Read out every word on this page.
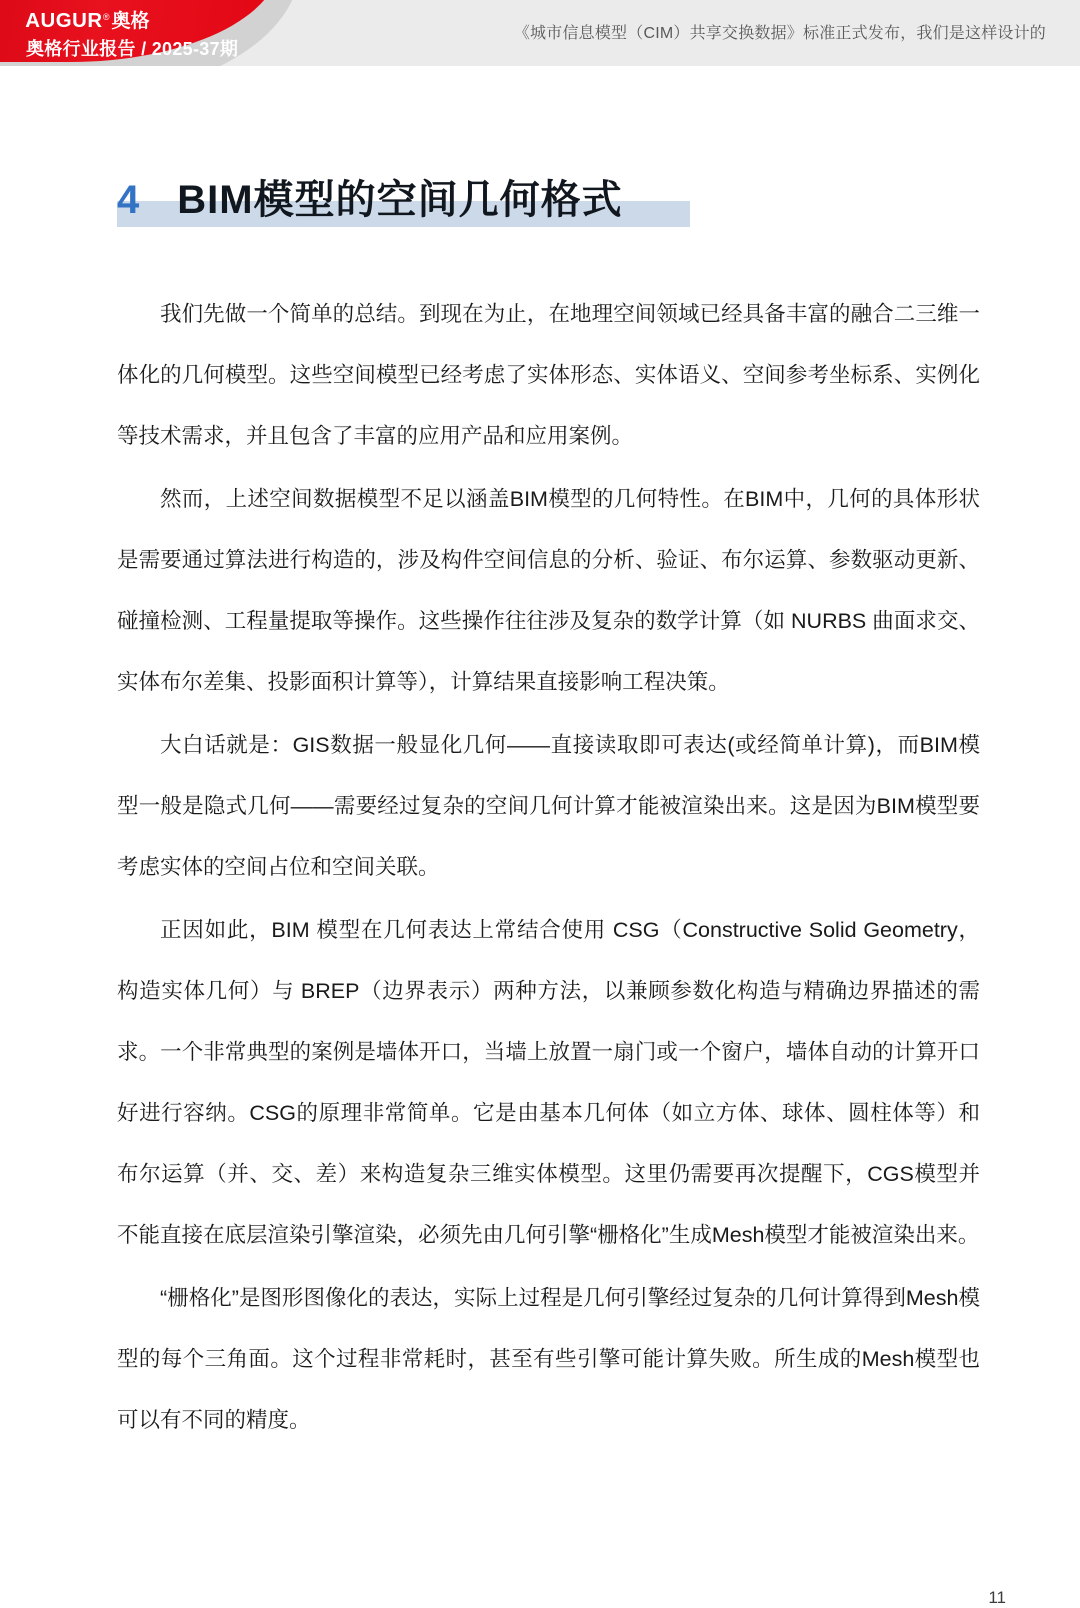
AUGUR ® 奥格
奥格行业报告 / 2025-37期
《城市信息模型（CIM）共享交换数据》标准正式发布，我们是这样设计的
4 BIM模型的空间几何格式

我们先做一个简单的总结。到现在为止，在地理空间领域已经具备丰富的融合二三维一体化的几何模型。这些空间模型已经考虑了实体形态、实体语义、空间参考坐标系、实例化等技术需求，并且包含了丰富的应用产品和应用案例。

然而，上述空间数据模型不足以涵盖BIM模型的几何特性。在BIM中，几何的具体形状是需要通过算法进行构造的，涉及构件空间信息的分析、验证、布尔运算、参数驱动更新、碰撞检测、工程量提取等操作。这些操作往往涉及复杂的数学计算（如 NURBS 曲面求交、实体布尔差集、投影面积计算等），计算结果直接影响工程决策。

大白话就是：GIS数据一般显化几何——直接读取即可表达(或经简单计算)，而BIM模型一般是隐式几何——需要经过复杂的空间几何计算才能被渲染出来。这是因为BIM模型要考虑实体的空间占位和空间关联。

正因如此，BIM 模型在几何表达上常结合使用 CSG（Constructive Solid Geometry，构造实体几何）与 BREP（边界表示）两种方法，以兼顾参数化构造与精确边界描述的需求。一个非常典型的案例是墙体开口，当墙上放置一扇门或一个窗户，墙体自动的计算开口好进行容纳。CSG的原理非常简单。它是由基本几何体（如立方体、球体、圆柱体等）和布尔运算（并、交、差）来构造复杂三维实体模型。这里仍需要再次提醒下，CGS模型并不能直接在底层渲染引擎渲染，必须先由几何引擎“栅格化”生成Mesh模型才能被渲染出来。

“栅格化”是图形图像化的表达，实际上过程是几何引擎经过复杂的几何计算得到Mesh模型的每个三角面。这个过程非常耗时，甚至有些引擎可能计算失败。所生成的Mesh模型也可以有不同的精度。

11
